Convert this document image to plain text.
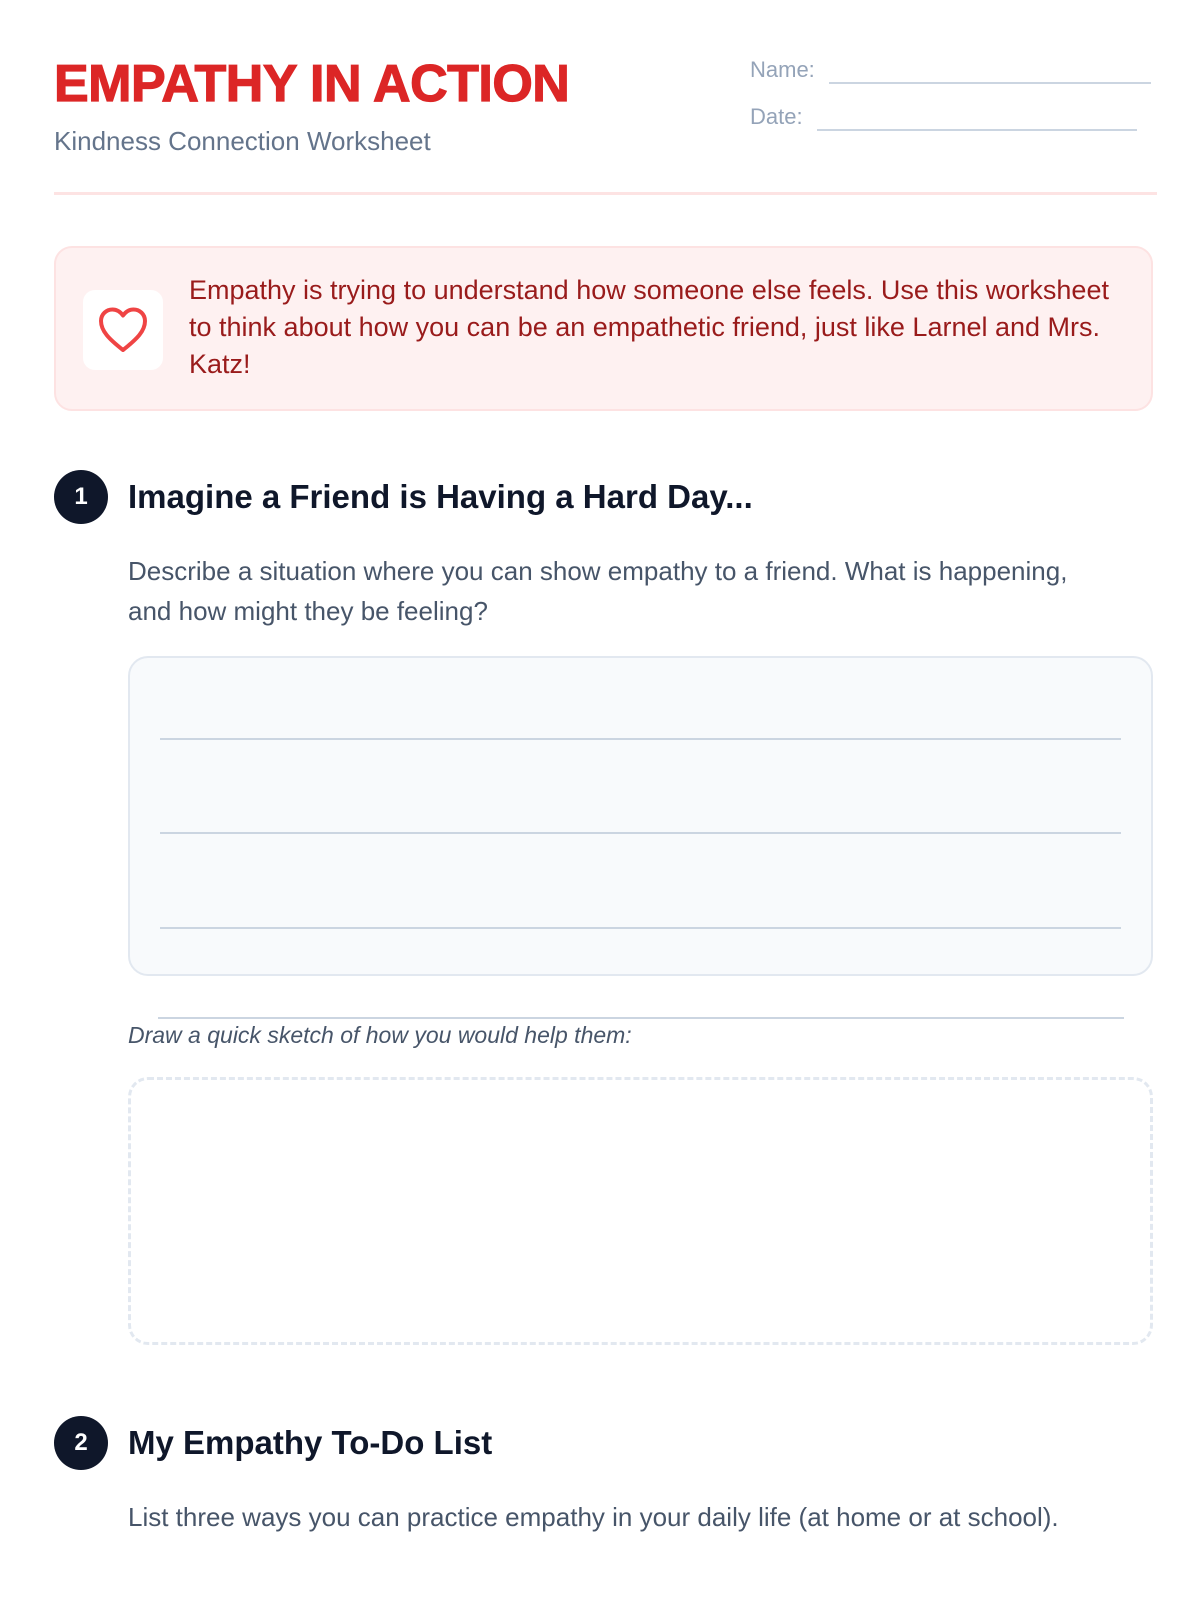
EMPATHY IN ACTION
Kindness Connection Worksheet
Name:
Date:
Empathy is trying to understand how someone else feels. Use this worksheet to think about how you can be an empathetic friend, just like Larnel and Mrs. Katz!
1	Imagine a Friend is Having a Hard Day...
Describe a situation where you can show empathy to a friend. What is happening, and how might they be feeling?
Draw a quick sketch of how you would help them:
2	My Empathy To-Do List
List three ways you can practice empathy in your daily life (at home or at school).
